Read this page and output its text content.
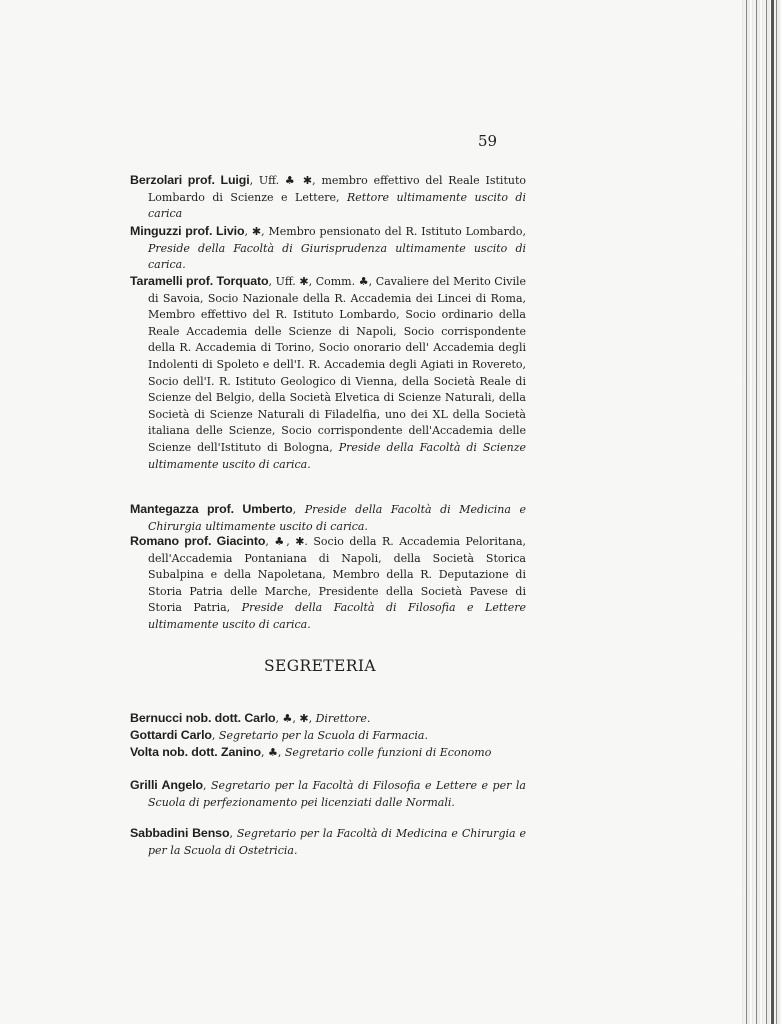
59
Berzolari prof. Luigi, Uff. ♣ ✱, membro effettivo del Reale Istituto Lombardo di Scienze e Lettere, Rettore ultimamente uscito di carica
Minguzzi prof. Livio, ✱, Membro pensionato del R. Istituto Lombardo, Preside della Facoltà di Giurisprudenza ultimamente uscito di carica.
Taramelli prof. Torquato, Uff. ✱, Comm. ♣, Cavaliere del Merito Civile di Savoia, Socio Nazionale della R. Accademia dei Lincei di Roma, Membro effettivo del R. Istituto Lombardo, Socio ordinario della Reale Accademia delle Scienze di Napoli, Socio corrispondente della R. Accademia di Torino, Socio onorario dell' Accademia degli Indolenti di Spoleto e dell'I. R. Accademia degli Agiati in Rovereto, Socio dell'I. R. Istituto Geologico di Vienna, della Società Reale di Scienze del Belgio, della Società Elvetica di Scienze Naturali, della Società di Scienze Naturali di Filadelfia, uno dei XL della Società italiana delle Scienze, Socio corrispondente dell'Accademia delle Scienze dell'Istituto di Bologna, Preside della Facoltà di Scienze ultimamente uscito di carica.
Mantegazza prof. Umberto, Preside della Facoltà di Medicina e Chirurgia ultimamente uscito di carica.
Romano prof. Giacinto, ♣, ✱. Socio della R. Accademia Peloritana, dell'Accademia Pontaniana di Napoli, della Società Storica Subalpina e della Napoletana, Membro della R. Deputazione di Storia Patria delle Marche, Presidente della Società Pavese di Storia Patria, Preside della Facoltà di Filosofia e Lettere ultimamente uscito di carica.
SEGRETERIA
Bernucci nob. dott. Carlo, ♣, ✱, Direttore.
Gottardi Carlo, Segretario per la Scuola di Farmacia.
Volta nob. dott. Zanino, ♣, Segretario colle funzioni di Economo
Grilli Angelo, Segretario per la Facoltà di Filosofia e Lettere e per la Scuola di perfezionamento pei licenziati dalle Normali.
Sabbadini Benso, Segretario per la Facoltà di Medicina e Chirurgia e per la Scuola di Ostetricia.
